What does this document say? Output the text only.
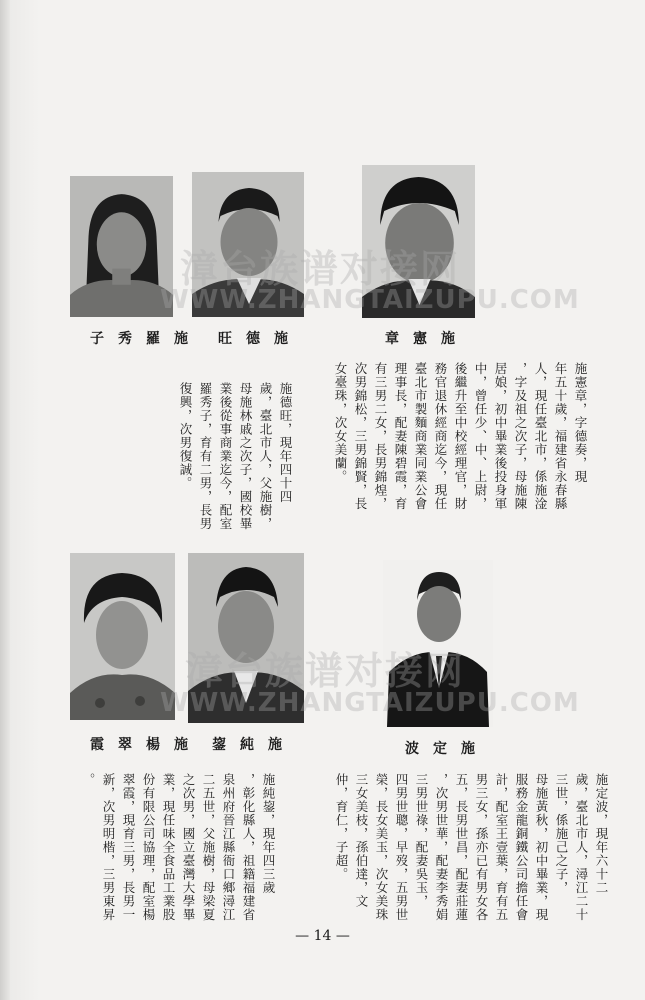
子秀羅施 旺德施	章憲施
施憲章，字德奏，現
年五十歲，福建省永春縣
人，現任臺北市，係施淦
，字及祖之次子，母施陳
居娘，初中畢業後投身軍
中，曾任少、中、上尉，
後繼升至中校經理官，財
務官退休經商迄今，現任
臺北市製麵商業同業公會
理事長，配妻陳碧霞，育
有三男二女，長男錦煌，
次男錦松，三男錦賢，長
女臺珠，次女美蘭。
施德旺，現年四十四
歲，臺北市人，父施樹，
母施林戚之次子，國校畢
業後從事商業迄今，配室
羅秀子，育有二男，長男
復興，次男復誠。
霞翠楊施 鋆純施	波定施
施定波，現年六十二
歲，臺北市人，潯江二十
三世，係施己之子，
母施黃秋，初中畢業，現
服務金龍銅鐵公司擔任會
計，配室王壹葉，育有五
男三女，孫亦已有男女各
五，長男世昌，配妻莊蓮
，次男世華，配妻李秀娟
三男世祿，配妻吳玉，
四男世聰，早歿，五男世
榮，長女美玉，次女美珠
三女美枝，孫伯達，文
仲，育仁，子超。
施純鋆，現年四三歲
，彰化縣人，祖籍福建省
泉州府晉江縣衙口鄉潯江
二五世，父施樹，母梁夏
之次男，國立臺灣大學畢
業，現任味全食品工業股
份有限公司協理，配室楊
翠霞，現育三男，長男一
新，次男明楷，三男東昇
。
漳台族谱对接网
WWW.ZHANGTAIZUPU.COM
漳台族谱对接网
WWW.ZHANGTAIZUPU.COM
— 14 —
